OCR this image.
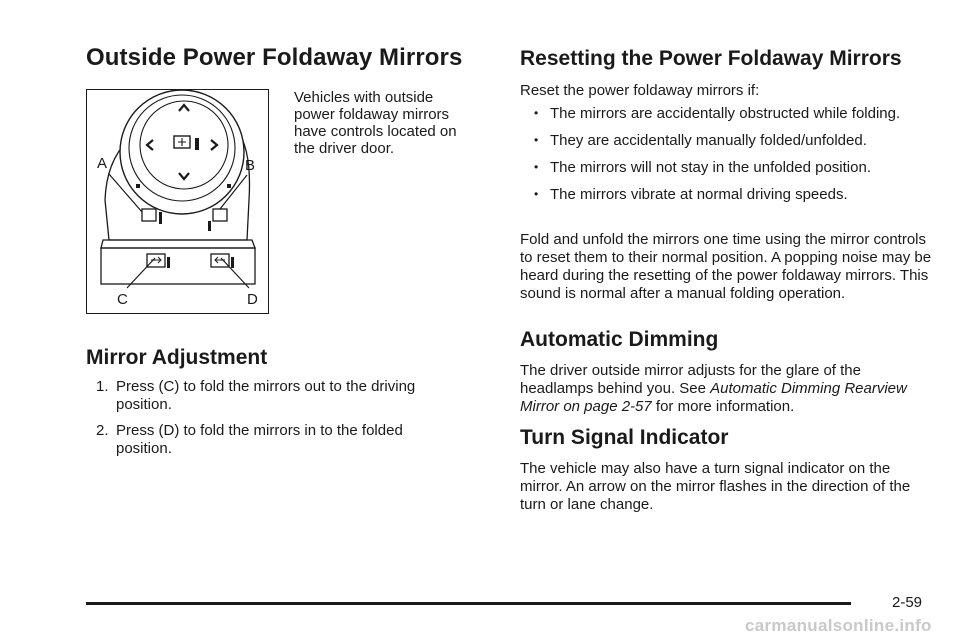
Outside Power Foldaway Mirrors
A	B
C	D

Vehicles with outside power foldaway mirrors have controls located on the driver door.

Mirror Adjustment
1. Press (C) to fold the mirrors out to the driving position.
2. Press (D) to fold the mirrors in to the folded position.
Resetting the Power Foldaway Mirrors

Reset the power foldaway mirrors if:

• The mirrors are accidentally obstructed while folding.
• They are accidentally manually folded/unfolded.
• The mirrors will not stay in the unfolded position.
• The mirrors vibrate at normal driving speeds.

Fold and unfold the mirrors one time using the mirror controls to reset them to their normal position. A popping noise may be heard during the resetting of the power foldaway mirrors. This sound is normal after a manual folding operation.

Automatic Dimming

The driver outside mirror adjusts for the glare of the headlamps behind you. See Automatic Dimming Rearview Mirror on page 2-57 for more information.

Turn Signal Indicator

The vehicle may also have a turn signal indicator on the mirror. An arrow on the mirror flashes in the direction of the turn or lane change.

2-59
carmanualsonline.info
